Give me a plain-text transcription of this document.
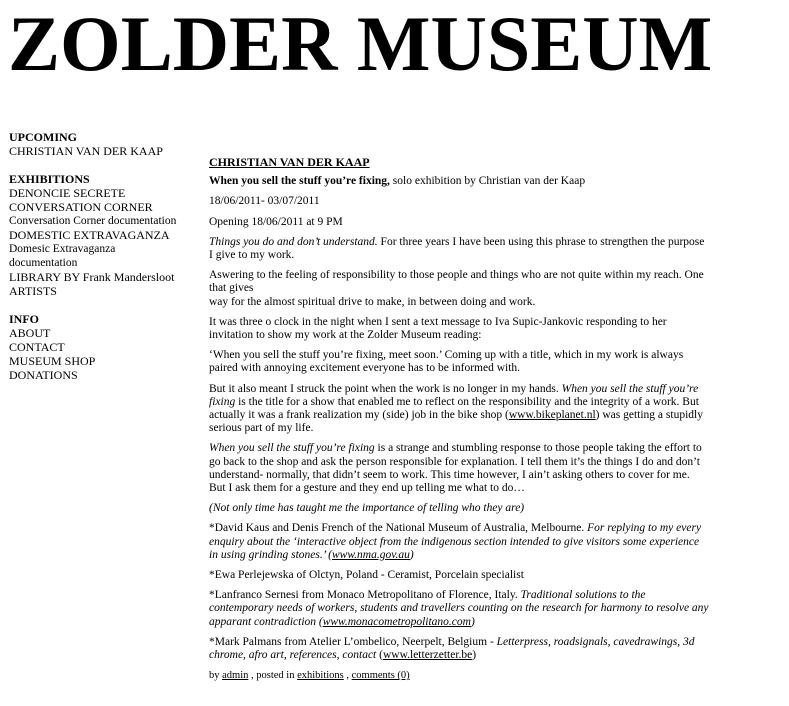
ZOLDER MUSEUM
UPCOMING
CHRISTIAN VAN DER KAAP
EXHIBITIONS
DENONCIE SECRETE
CONVERSATION CORNER
Conversation Corner documentation
DOMESTIC EXTRAVAGANZA
Domesic Extravaganza documentation
LIBRARY BY Frank Mandersloot
ARTISTS
INFO
ABOUT
CONTACT
MUSEUM SHOP
DONATIONS
CHRISTIAN VAN DER KAAP

When you sell the stuff you’re fixing, solo exhibition by Christian van der Kaap

18/06/2011- 03/07/2011

Opening 18/06/2011 at 9 PM

Things you do and don’t understand. For three years I have been using this phrase to strengthen the purpose I give to my work.

Aswering to the feeling of responsibility to those people and things who are not quite within my reach. One that gives
way for the almost spiritual drive to make, in between doing and work.

It was three o clock in the night when I sent a text message to Iva Supic-Jankovic responding to her invitation to show my work at the Zolder Museum reading:

‘When you sell the stuff you’re fixing, meet soon.’ Coming up with a title, which in my work is always paired with annoying excitement everyone has to be informed with.

But it also meant I struck the point when the work is no longer in my hands. When you sell the stuff you’re fixing is the title for a show that enabled me to reflect on the responsibility and the integrity of a work. But actually it was a frank realization my (side) job in the bike shop (www.bikeplanet.nl) was getting a stupidly serious part of my life.

When you sell the stuff you’re fixing is a strange and stumbling response to those people taking the effort to go back to the shop and ask the person responsible for explanation. I tell them it’s the things I do and don’t understand- normally, that didn’t seem to work. This time however, I ain’t asking others to cover for me. But I ask them for a gesture and they end up telling me what to do…

(Not only time has taught me the importance of telling who they are)

*David Kaus and Denis French of the National Museum of Australia, Melbourne. For replying to my every enquiry about the ‘interactive object from the indigenous section intended to give visitors some experience in using grinding stones.’ (www.nma.gov.au)

*Ewa Perlejewska of Olctyn, Poland - Ceramist, Porcelain specialist

*Lanfranco Sernesi from Monaco Metropolitano of Florence, Italy. Traditional solutions to the contemporary needs of workers, students and travellers counting on the research for harmony to resolve any apparant contradiction (www.monacometropolitano.com)

*Mark Palmans from Atelier L’ombelico, Neerpelt, Belgium - Letterpress, roadsignals, cavedrawings, 3d chrome, afro art, references, contact (www.letterzetter.be)

by admin , posted in exhibitions , comments (0)
